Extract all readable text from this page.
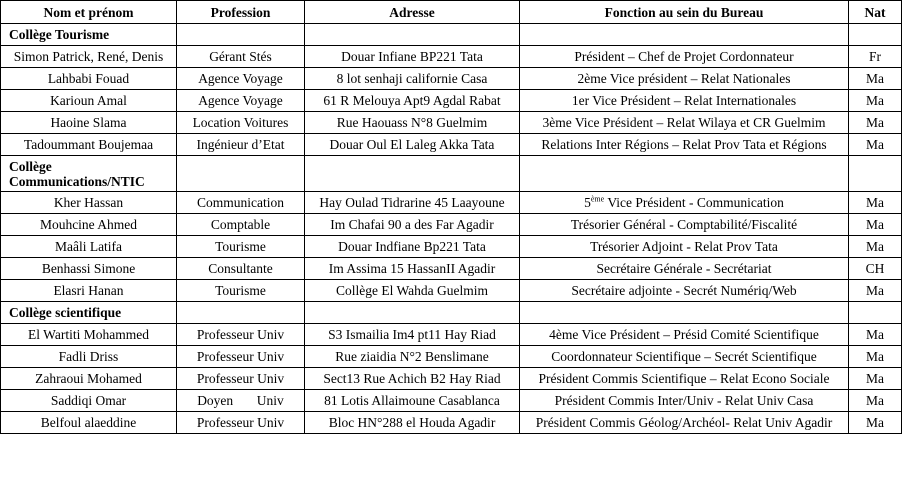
Nom et prénom	Profession	Adresse	Fonction au sein du Bureau	Nat
Collège Tourisme				
Simon Patrick, René, Denis	Gérant Stés	Douar Infiane BP221 Tata	Président – Chef de Projet Cordonnateur	Fr
Lahbabi Fouad	Agence Voyage	8 lot senhaji californie Casa	2ème Vice président – Relat Nationales	Ma
Karioun Amal	Agence Voyage	61 R Melouya Apt9 Agdal Rabat	1er Vice Président – Relat Internationales	Ma
Haoine Slama	Location Voitures	Rue Haouass N°8 Guelmim	3ème Vice Président – Relat Wilaya et CR Guelmim	Ma
Tadoummant Boujemaa	Ingénieur d’Etat	Douar Oul El Laleg Akka Tata	Relations Inter Régions – Relat Prov Tata et Régions	Ma
Collège Communications/NTIC				
Kher Hassan	Communication	Hay Oulad Tidrarine 45 Laayoune	5ème Vice Président - Communication	Ma
Mouhcine Ahmed	Comptable	Im Chafai 90 a des Far Agadir	Trésorier Général - Comptabilité/Fiscalité	Ma
Maâli Latifa	Tourisme	Douar Indfiane Bp221 Tata	Trésorier Adjoint - Relat Prov Tata	Ma
Benhassi Simone	Consultante	Im Assima 15 HassanII Agadir	Secrétaire Générale - Secrétariat	CH
Elasri Hanan	Tourisme	Collège El Wahda Guelmim	Secrétaire adjointe - Secrét Numériq/Web	Ma
Collège scientifique				
El Wartiti Mohammed	Professeur Univ	S3 Ismailia Im4 pt11 Hay Riad	4ème Vice Président – Présid Comité Scientifique	Ma
Fadli Driss	Professeur Univ	Rue ziaidia N°2 Benslimane	Coordonnateur Scientifique – Secrét Scientifique	Ma
Zahraoui Mohamed	Professeur Univ	Sect13 Rue Achich B2 Hay Riad	Président Commis Scientifique – Relat Econo Sociale	Ma
Saddiqi Omar	Doyen       Univ	81 Lotis Allaimoune Casablanca	Président Commis Inter/Univ - Relat Univ Casa	Ma
Belfoul alaeddine	Professeur Univ	Bloc HN°288 el Houda Agadir	Président Commis Géolog/Archéol- Relat Univ Agadir	Ma
